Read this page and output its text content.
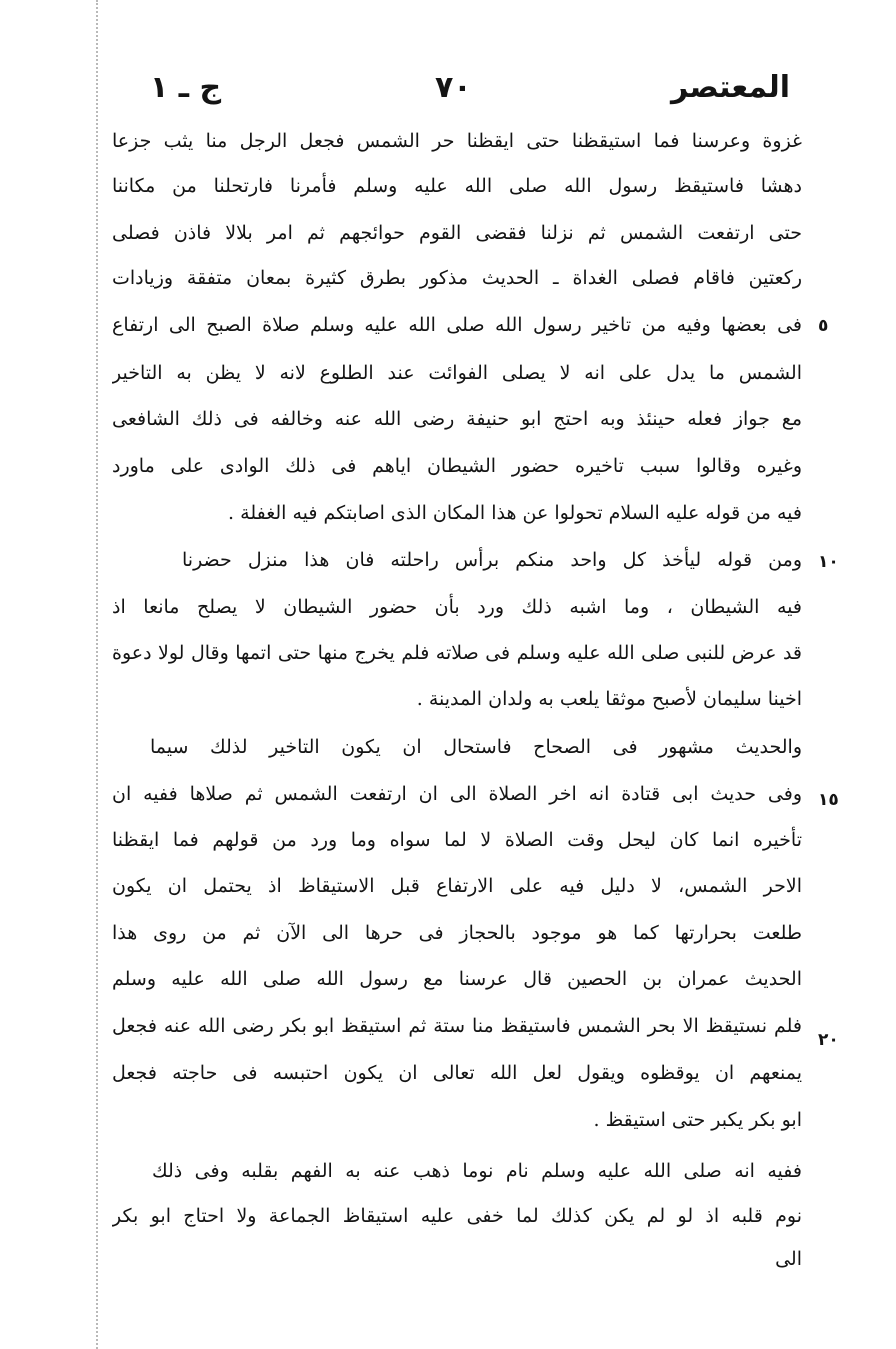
المعتصر
٧٠
ج ـ ١
٥
١٠
١٥
٢٠
غزوة وعرسنا فما استيقظنا حتى ايقظنا حر الشمس فجعل الرجل منا يثب جزعا
دهشا فاستيقظ رسول الله صلى الله عليه وسلم فأمرنا فارتحلنا من مكاننا
حتى ارتفعت الشمس ثم نزلنا فقضى القوم حوائجهم ثم امر بلالا فاذن فصلى
ركعتين فاقام فصلى الغداة ـ الحديث مذكور بطرق كثيرة بمعان متفقة وزيادات
فى بعضها وفيه من تاخير رسول الله صلى الله عليه وسلم صلاة الصبح الى ارتفاع
الشمس ما يدل على انه لا يصلى الفوائت عند الطلوع لانه لا يظن به التاخير
مع جواز فعله حينئذ وبه احتج ابو حنيفة رضى الله عنه وخالفه فى ذلك الشافعى
وغيره وقالوا سبب تاخيره حضور الشيطان اياهم فى ذلك الوادى على ماورد
فيه من قوله عليه السلام تحولوا عن هذا المكان الذى اصابتكم فيه الغفلة .
ومن قوله ليأخذ كل واحد منكم برأس راحلته فان هذا منزل حضرنا
فيه الشيطان ، وما اشبه ذلك ورد بأن حضور الشيطان لا يصلح مانعا اذ
قد عرض للنبى صلى الله عليه وسلم فى صلاته فلم يخرج منها حتى اتمها وقال لولا دعوة
اخينا سليمان لأصبح موثقا يلعب به ولدان المدينة .
والحديث مشهور فى الصحاح فاستحال ان يكون التاخير لذلك سيما
وفى حديث ابى قتادة انه اخر الصلاة الى ان ارتفعت الشمس ثم صلاها ففيه ان
تأخيره انما كان ليحل وقت الصلاة لا لما سواه وما ورد من قولهم فما ايقظنا
الاحر الشمس، لا دليل فيه على الارتفاع قبل الاستيقاظ اذ يحتمل ان يكون
طلعت بحرارتها كما هو موجود بالحجاز فى حرها الى الآن ثم من روى هذا
الحديث عمران بن الحصين قال عرسنا مع رسول الله صلى الله عليه وسلم
فلم نستيقظ الا بحر الشمس فاستيقظ منا ستة ثم استيقظ ابو بكر رضى الله عنه فجعل
يمنعهم ان يوقظوه ويقول لعل الله تعالى ان يكون احتبسه فى حاجته فجعل
ابو بكر يكبر حتى استيقظ .
ففيه انه صلى الله عليه وسلم نام نوما ذهب عنه به الفهم بقلبه وفى ذلك
نوم قلبه اذ لو لم يكن كذلك لما خفى عليه استيقاظ الجماعة ولا احتاج ابو بكر
الى
